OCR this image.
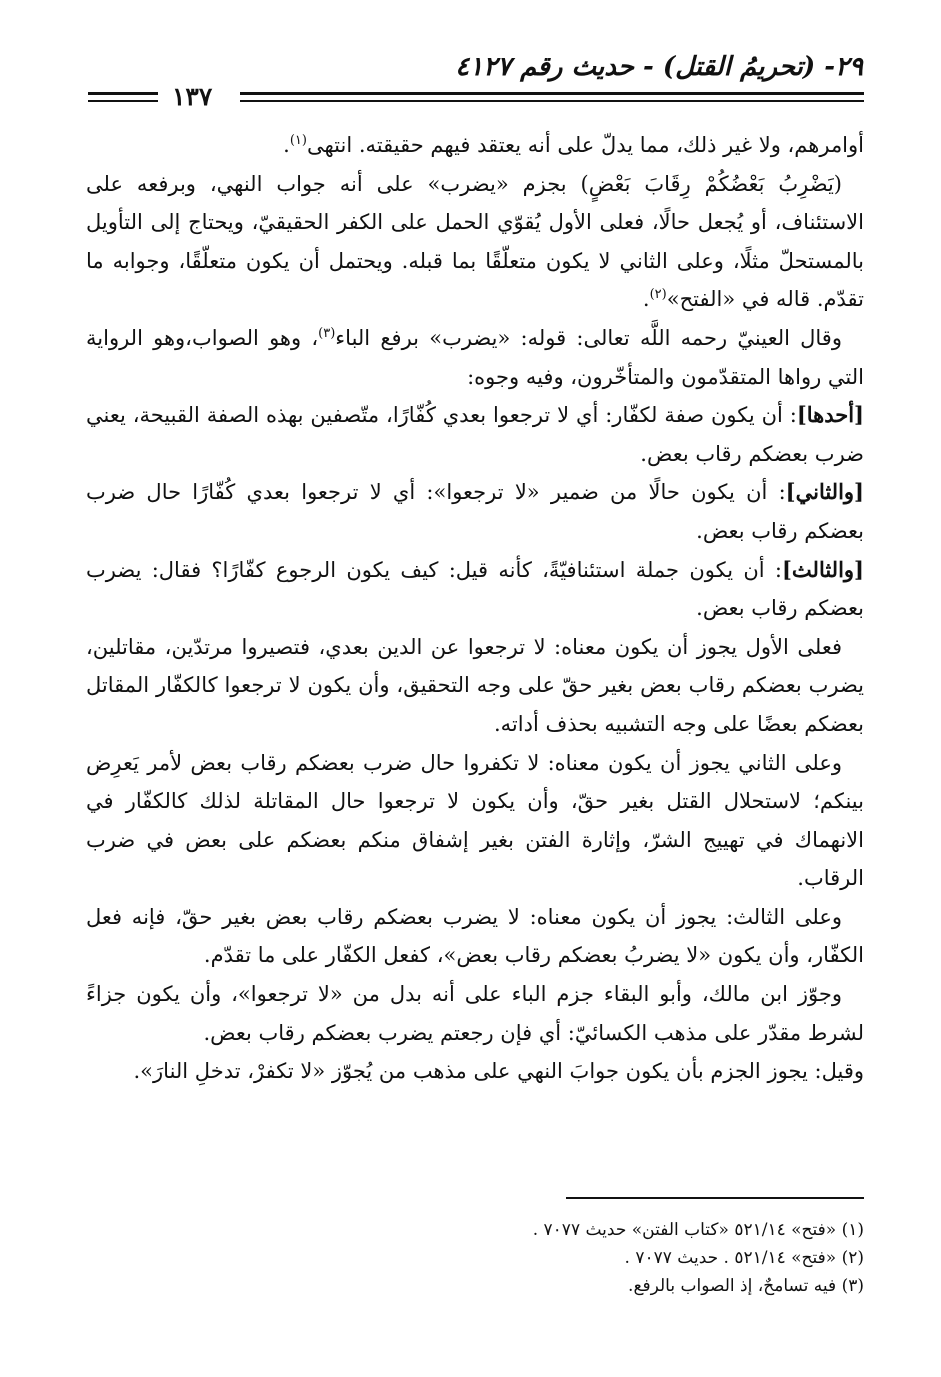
٢٩- (تحريمُ القتل) - حديث رقم ٤١٢٧
١٣٧

أوامرهم، ولا غير ذلك، مما يدلّ على أنه يعتقد فيهم حقيقته. انتهى$^{(١)}$.

(يَضْرِبُ بَعْضُكُمْ رِقَابَ بَعْضٍ) بجزم «يضرب» على أنه جواب النهي، وبرفعه على الاستئناف، أو يُجعل حالًا، فعلى الأول يُقوّي الحمل على الكفر الحقيقيّ، ويحتاج إلى التأويل بالمستحلّ مثلًا، وعلى الثاني لا يكون متعلّقًا بما قبله. ويحتمل أن يكون متعلّقًا، وجوابه ما تقدّم. قاله في «الفتح»$^{(٢)}$.

وقال العينيّ رحمه اللَّه تعالى: قوله: «يضرب» برفع الباء$^{(٣)}$، وهو الصواب،وهو الرواية التي رواها المتقدّمون والمتأخّرون، وفيه وجوه:

[أحدها]: أن يكون صفة لكفّار: أي لا ترجعوا بعدي كُفّارًا، متّصفين بهذه الصفة القبيحة، يعني ضرب بعضكم رقاب بعض.

[والثاني]: أن يكون حالًا من ضمير «لا ترجعوا»: أي لا ترجعوا بعدي كُفّارًا حال ضرب بعضكم رقاب بعض.

[والثالث]: أن يكون جملة استئنافيّةً، كأنه قيل: كيف يكون الرجوع كفّارًا؟ فقال: يضرب بعضكم رقاب بعض.

فعلى الأول يجوز أن يكون معناه: لا ترجعوا عن الدين بعدي، فتصيروا مرتدّين، مقاتلين، يضرب بعضكم رقاب بعض بغير حقّ على وجه التحقيق، وأن يكون لا ترجعوا كالكفّار المقاتل بعضكم بعضًا على وجه التشبيه بحذف أداته.

وعلى الثاني يجوز أن يكون معناه: لا تكفروا حال ضرب بعضكم رقاب بعض لأمر يَعرِض بينكم؛ لاستحلال القتل بغير حقّ، وأن يكون لا ترجعوا حال المقاتلة لذلك كالكفّار في الانهماك في تهييج الشرّ، وإثارة الفتن بغير إشفاق منكم بعضكم على بعض في ضرب الرقاب.

وعلى الثالث: يجوز أن يكون معناه: لا يضرب بعضكم رقاب بعض بغير حقّ، فإنه فعل الكفّار، وأن يكون «لا يضربُ بعضكم رقاب بعض»، كفعل الكفّار على ما تقدّم.

وجوّز ابن مالك، وأبو البقاء جزم الباء على أنه بدل من «لا ترجعوا»، وأن يكون جزاءً لشرط مقدّر على مذهب الكسائيّ: أي فإن رجعتم يضرب بعضكم رقاب بعض.

وقيل: يجوز الجزم بأن يكون جوابَ النهي على مذهب من يُجوّز «لا تكفرْ، تدخلِ النارَ».

(١) «فتح» ٥٢١/١٤ «كتاب الفتن» حديث ٧٠٧٧ .
(٢) «فتح» ٥٢١/١٤ . حديث ٧٠٧٧ .
(٣) فيه تسامحٌ، إذ الصواب بالرفع.
